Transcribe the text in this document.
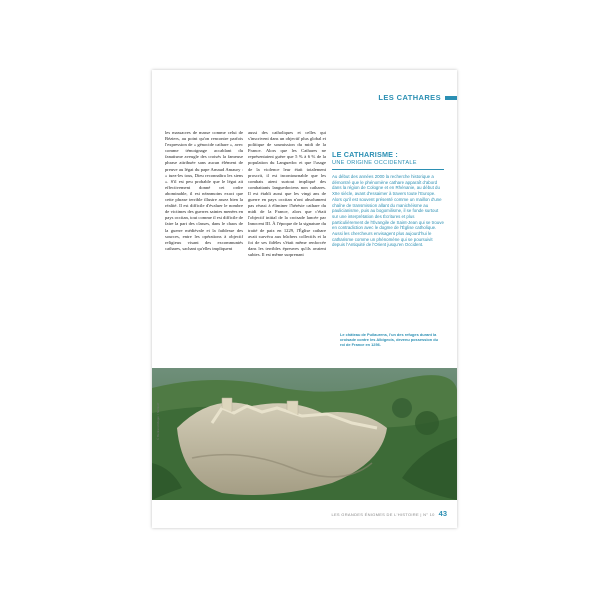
LES CATHARES
les massacres de masse comme celui de Béziers, au point qu'on rencontre parfois l'expression de « génocide cathare », avec comme témoignage accablant du fanatisme aveugle des croisés la fameuse phrase attribuée sans aucun élément de preuve au légat du pape Arnaud Amaury : « tuez-les tous, Dieu reconnaîtra les siens ». S'il est peu probable que le légat ait effectivement donné cet ordre abominable, il est néanmoins exact que cette phrase terrible illustre assez bien la réalité. Il est difficile d'évaluer le nombre de victimes des guerres saintes menées en pays occitan, tout comme il est difficile de faire la part des classes, dans le chaos de la guerre médiévale et la faiblesse des sources, entre les opérations à objectif religieux visant des excommuniés cathares, sachant qu'elles impliquent
aussi des catholiques et celles qui s'inscrivent dans un objectif plus global et politique de soumission du midi de la France. Alors que les Cathares ne représentaient guère que 5 % à 6 % de la population du Languedoc et que l'usage de la violence leur était totalement proscrit, il est incontournable que les combats aient surtout impliqué des combattants languedociens non cathares. Il est établi aussi que les vingt ans de guerre en pays occitan n'ont absolument pas réussi à éliminer l'hérésie cathare du midi de la France, alors que c'était l'objectif initial de la croisade lancée par Innocent III. À l'époque de la signature du traité de paix en 1229, l'Église cathare avait survécu aux bûchers collectifs et la foi de ses fidèles s'était même renforcée dans les terribles épreuves qu'ils avaient subies. Il est même surprenant
LE CATHARISME :
UNE ORIGINE OCCIDENTALE
Au début des années 2000 la recherche historique a démontré que le phénomène cathare apparaît d'abord dans la région de Cologne et en Rhénanie, au début du XIIe siècle, avant d'essaimer à travers toute l'Europe. Alors qu'il est souvent présenté comme un maillon d'une chaîne de transmission allant du manichéisme au paulicianisme, puis au bogomilisme, il se fonde surtout sur une interprétation des Écritures et plus particulièrement de l'Évangile de Saint-Jean qui se trouve en contradiction avec le dogme de l'Église catholique. Aussi les chercheurs envisagent plus aujourd'hui le catharisme comme un phénomène qui se poursuivit depuis l'Antiquité de l'Orient jusqu'en Occident.
Le château de Puilaurens, l'un des refuges durant la croisade contre les Albigeois, devenu possession du roi de France en 1256.
© Bertrand Rieger / hemis.fr
LES GRANDES ÉNIGMES DE L'HISTOIRE | N° 10 43
